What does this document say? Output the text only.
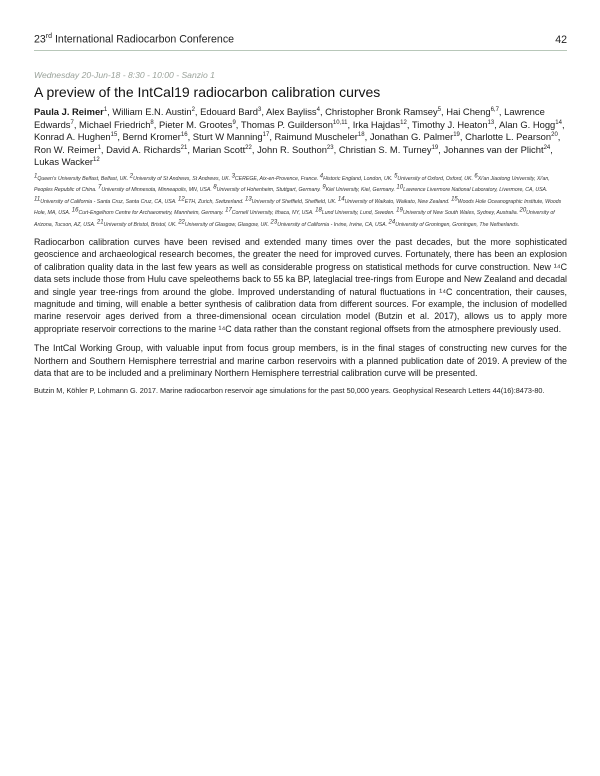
23rd International Radiocarbon Conference	42

Wednesday 20-Jun-18 - 8:30 - 10:00 - Sanzio 1

A preview of the IntCal19 radiocarbon calibration curves

Paula J. Reimer$^1$, William E.N. Austin$^2$, Edouard Bard$^3$, Alex Bayliss$^4$, Christopher Bronk Ramsey$^5$, Hai Cheng$^{6,7}$, Lawrence Edwards$^7$, Michael Friedrich$^8$, Pieter M. Grootes$^9$, Thomas P. Guilderson$^{10,11}$, Irka Hajdas$^{12}$, Timothy J. Heaton$^{13}$, Alan G. Hogg$^{14}$, Konrad A. Hughen$^{15}$, Bernd Kromer$^{16}$, Sturt W Manning$^{17}$, Raimund Muscheler$^{18}$, Jonathan G. Palmer$^{19}$, Charlotte L. Pearson$^{20}$, Ron W. Reimer$^1$, David A. Richards$^{21}$, Marian Scott$^{22}$, John R. Southon$^{23}$, Christian S. M. Turney$^{19}$, Johannes van der Plicht$^{24}$, Lukas Wacker$^{12}$

$^1$Queen's University Belfast, Belfast, UK. $^2$University of St Andrews, St Andrews, UK. $^3$CEREGE, Aix-en-Provence, France. $^4$Historic England, London, UK. $^5$University of Oxford, Oxford, UK. $^6$Xi'an Jiaotong University, Xi'an, Peoples Republic of China. $^7$University of Minnesota, Minneapolis, MN, USA. $^8$University of Hohenheim, Stuttgart, Germany. $^9$Kiel University, Kiel, Germany. $^{10}$Lawrence Livermore National Laboratory, Livermore, CA, USA. $^{11}$University of California - Santa Cruz, Santa Cruz, CA, USA. $^{12}$ETH, Zurich, Switzerland. $^{13}$University of Sheffield, Sheffield, UK. $^{14}$University of Waikato, Waikato, New Zealand. $^{15}$Woods Hole Oceanographic Institute, Woods Hole, MA, USA. $^{16}$Curt-Engelhorn Centre for Archaeometry, Mannheim, Germany. $^{17}$Cornell University, Ithaca, NY, USA. $^{18}$Lund University, Lund, Sweden. $^{19}$University of New South Wales, Sydney, Australia. $^{20}$University of Arizona, Tucson, AZ, USA. $^{21}$University of Bristol, Bristol, UK. $^{22}$University of Glasgow, Glasgow, UK. $^{23}$University of California - Irvine, Irvine, CA, USA. $^{24}$University of Groningen, Groningen, The Netherlands.

Radiocarbon calibration curves have been revised and extended many times over the past decades, but the more sophisticated geoscience and archaeological research becomes, the greater the need for improved curves. Fortunately, there has been an explosion of calibration quality data in the last few years as well as considerable progress on statistical methods for curve construction. New ¹⁴C data sets include those from Hulu cave speleothems back to 55 ka BP, lateglacial tree-rings from Europe and New Zealand and decadal and single year tree-rings from around the globe. Improved understanding of natural fluctuations in ¹⁴C concentration, their causes, magnitude and timing, will enable a better synthesis of calibration data from different sources. For example, the inclusion of modelled marine reservoir ages derived from a three-dimensional ocean circulation model (Butzin et al. 2017), allows us to apply more appropriate reservoir corrections to the marine ¹⁴C data rather than the constant regional offsets from the atmosphere previously used.

The IntCal Working Group, with valuable input from focus group members, is in the final stages of constructing new curves for the Northern and Southern Hemisphere terrestrial and marine carbon reservoirs with a planned publication date of 2019. A preview of the data that are to be included and a preliminary Northern Hemisphere terrestrial calibration curve will be presented.

Butzin M, Köhler P, Lohmann G. 2017. Marine radiocarbon reservoir age simulations for the past 50,000 years. Geophysical Research Letters 44(16):8473-80.
